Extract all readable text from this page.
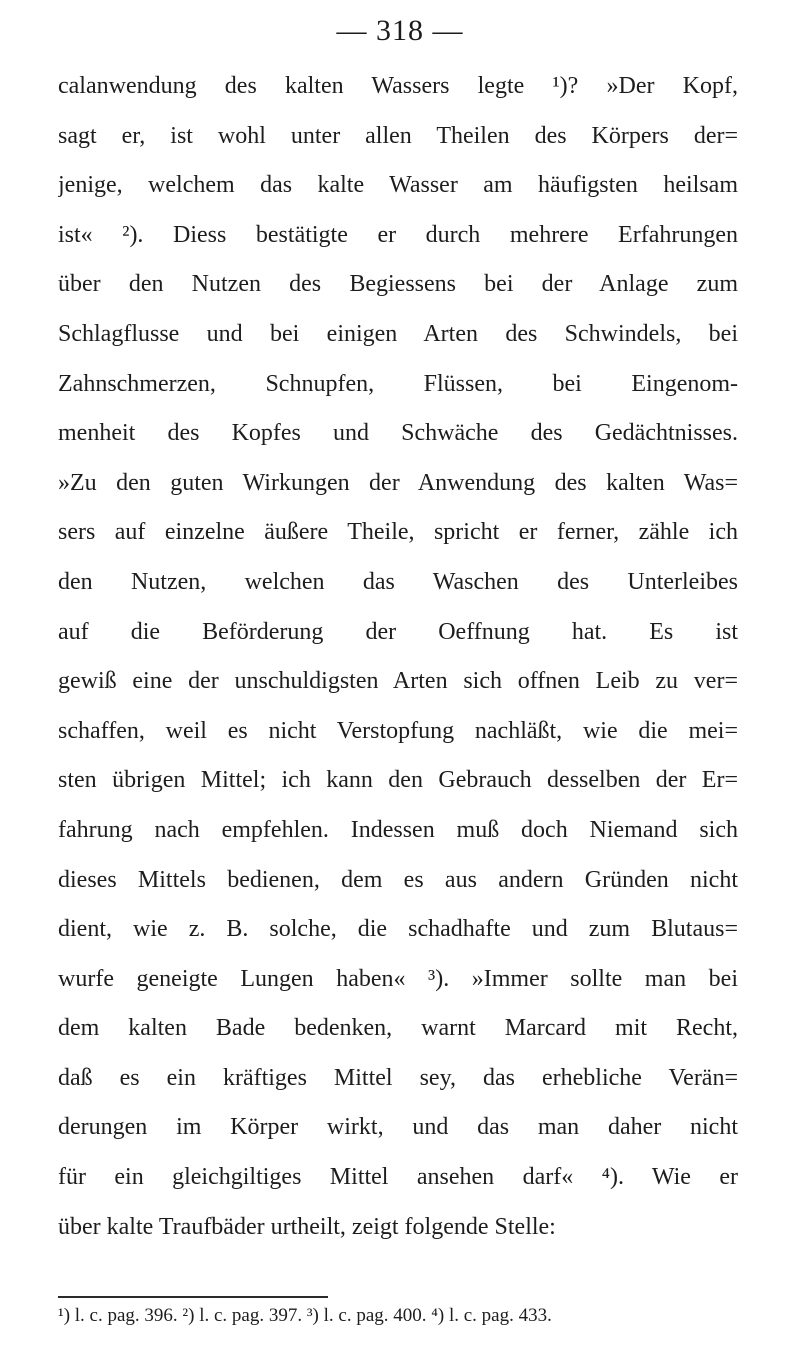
— 318 —
calanwendung des kalten Wassers legte ¹)? »Der Kopf,
sagt er, ist wohl unter allen Theilen des Körpers der=
jenige, welchem das kalte Wasser am häufigsten heilsam
ist« ²). Diess bestätigte er durch mehrere Erfahrungen
über den Nutzen des Begiessens bei der Anlage zum
Schlagflusse und bei einigen Arten des Schwindels, bei
Zahnschmerzen, Schnupfen, Flüssen, bei Eingenom-
menheit des Kopfes und Schwäche des Gedächtnisses.
»Zu den guten Wirkungen der Anwendung des kalten Was=
sers auf einzelne äußere Theile, spricht er ferner, zähle ich
den Nutzen, welchen das Waschen des Unterleibes
auf die Beförderung der Oeffnung hat. Es ist
gewiß eine der unschuldigsten Arten sich offnen Leib zu ver=
schaffen, weil es nicht Verstopfung nachläßt, wie die mei=
sten übrigen Mittel; ich kann den Gebrauch desselben der Er=
fahrung nach empfehlen. Indessen muß doch Niemand sich
dieses Mittels bedienen, dem es aus andern Gründen nicht
dient, wie z. B. solche, die schadhafte und zum Blutaus=
wurfe geneigte Lungen haben« ³). »Immer sollte man bei
dem kalten Bade bedenken, warnt Marcard mit Recht,
daß es ein kräftiges Mittel sey, das erhebliche Verän=
derungen im Körper wirkt, und das man daher nicht
für ein gleichgiltiges Mittel ansehen darf« ⁴). Wie er
über kalte Traufbäder urtheilt, zeigt folgende Stelle:
¹) l. c. pag. 396. ²) l. c. pag. 397. ³) l. c. pag. 400. ⁴) l. c. pag. 433.
